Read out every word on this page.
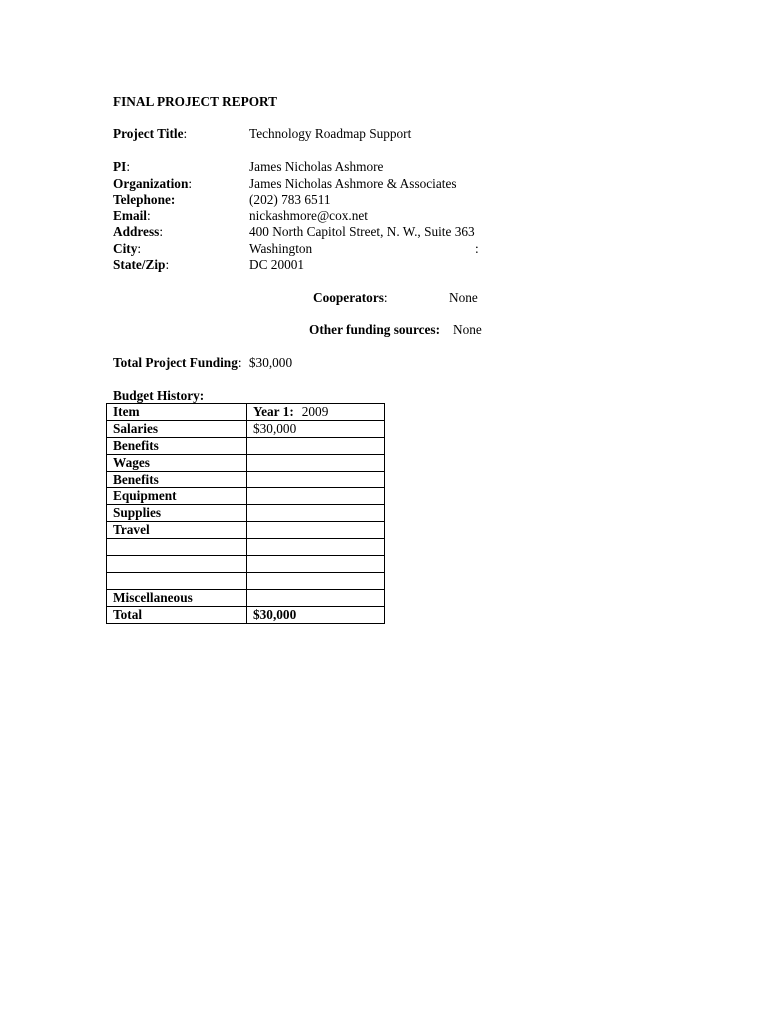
FINAL PROJECT REPORT
Project Title:	Technology Roadmap Support
PI:	James Nicholas Ashmore
Organization:	James Nicholas Ashmore & Associates
Telephone:	(202) 783 6511
Email:	nickashmore@cox.net
Address:	400 North Capitol Street, N. W., Suite 363
City:	Washington	:
State/Zip:	DC 20001
Cooperators:	None
Other funding sources: None
Total Project Funding: $30,000
Budget History:
Item	Year 1: 2009
Salaries	$30,000
Benefits	
Wages	
Benefits	
Equipment	
Supplies	
Travel	

Miscellaneous	
Total	$30,000
